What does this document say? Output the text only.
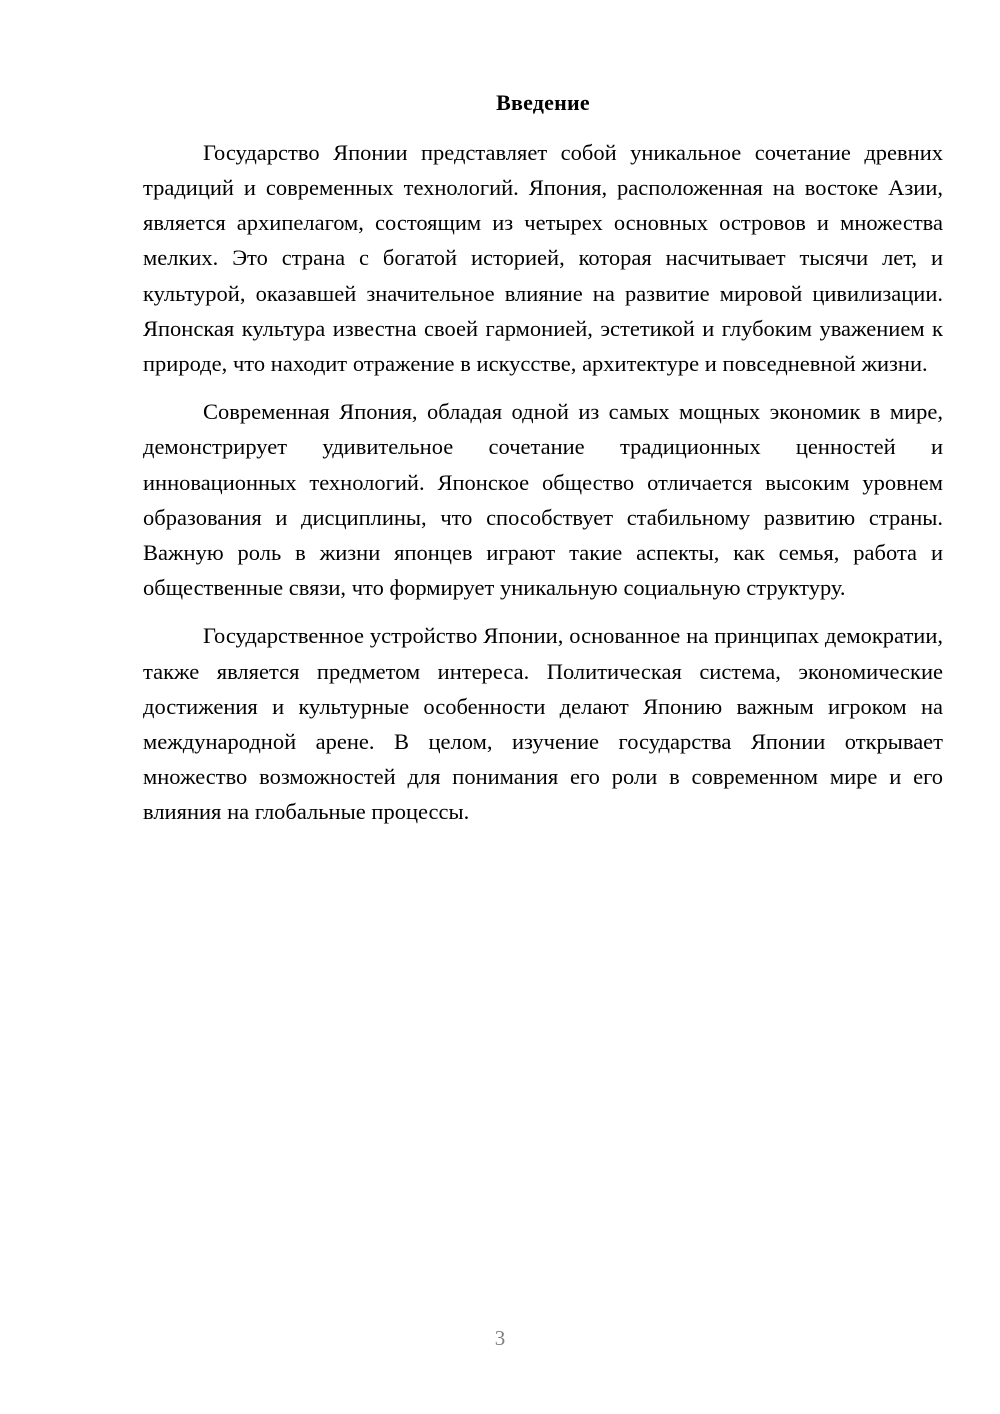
Введение

Государство Японии представляет собой уникальное сочетание древних традиций и современных технологий. Япония, расположенная на востоке Азии, является архипелагом, состоящим из четырех основных островов и множества мелких. Это страна с богатой историей, которая насчитывает тысячи лет, и культурой, оказавшей значительное влияние на развитие мировой цивилизации. Японская культура известна своей гармонией, эстетикой и глубоким уважением к природе, что находит отражение в искусстве, архитектуре и повседневной жизни.

Современная Япония, обладая одной из самых мощных экономик в мире, демонстрирует удивительное сочетание традиционных ценностей и инновационных технологий. Японское общество отличается высоким уровнем образования и дисциплины, что способствует стабильному развитию страны. Важную роль в жизни японцев играют такие аспекты, как семья, работа и общественные связи, что формирует уникальную социальную структуру.

Государственное устройство Японии, основанное на принципах демократии, также является предметом интереса. Политическая система, экономические достижения и культурные особенности делают Японию важным игроком на международной арене. В целом, изучение государства Японии открывает множество возможностей для понимания его роли в современном мире и его влияния на глобальные процессы.

3
